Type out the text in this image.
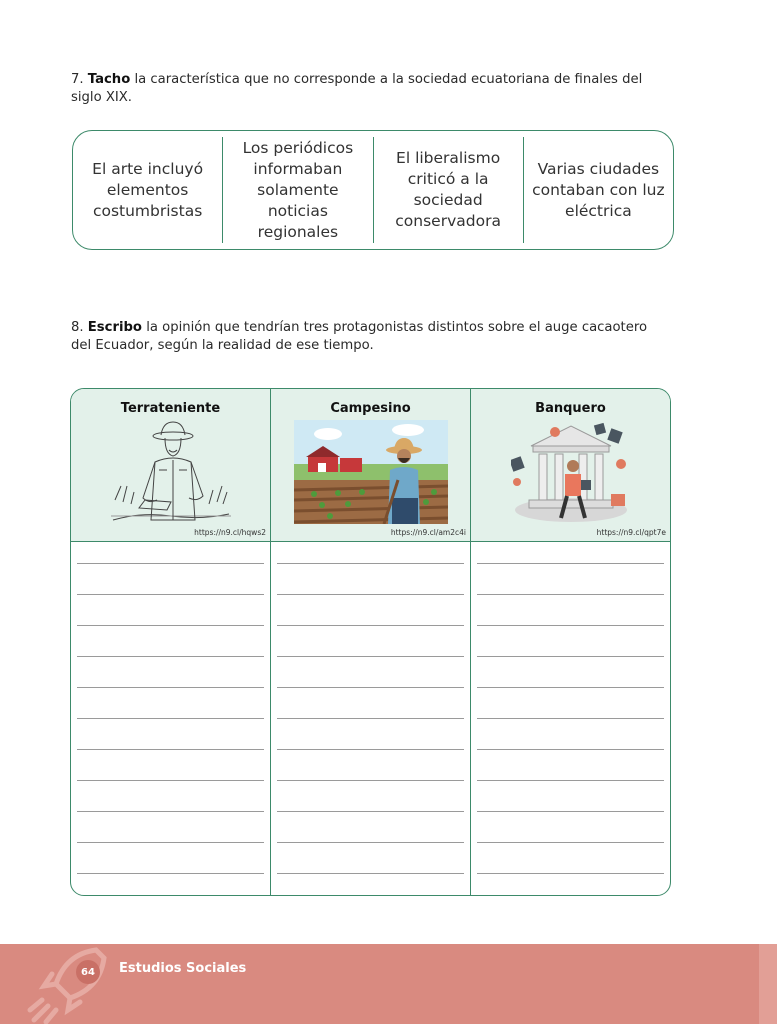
7. Tacho la característica que no corresponde a la sociedad ecuatoriana de finales del siglo XIX.

El arte incluyó elementos costumbristas
Los periódicos informaban solamente noticias regionales
El liberalismo criticó a la sociedad conservadora
Varias ciudades contaban con luz eléctrica

8. Escribo la opinión que tendrían tres protagonistas distintos sobre el auge cacaotero del Ecuador, según la realidad de ese tiempo.

Terrateniente
https://n9.cl/hqws2
Campesino
https://n9.cl/am2c4i
Banquero
https://n9.cl/qpt7e
64	Estudios Sociales
